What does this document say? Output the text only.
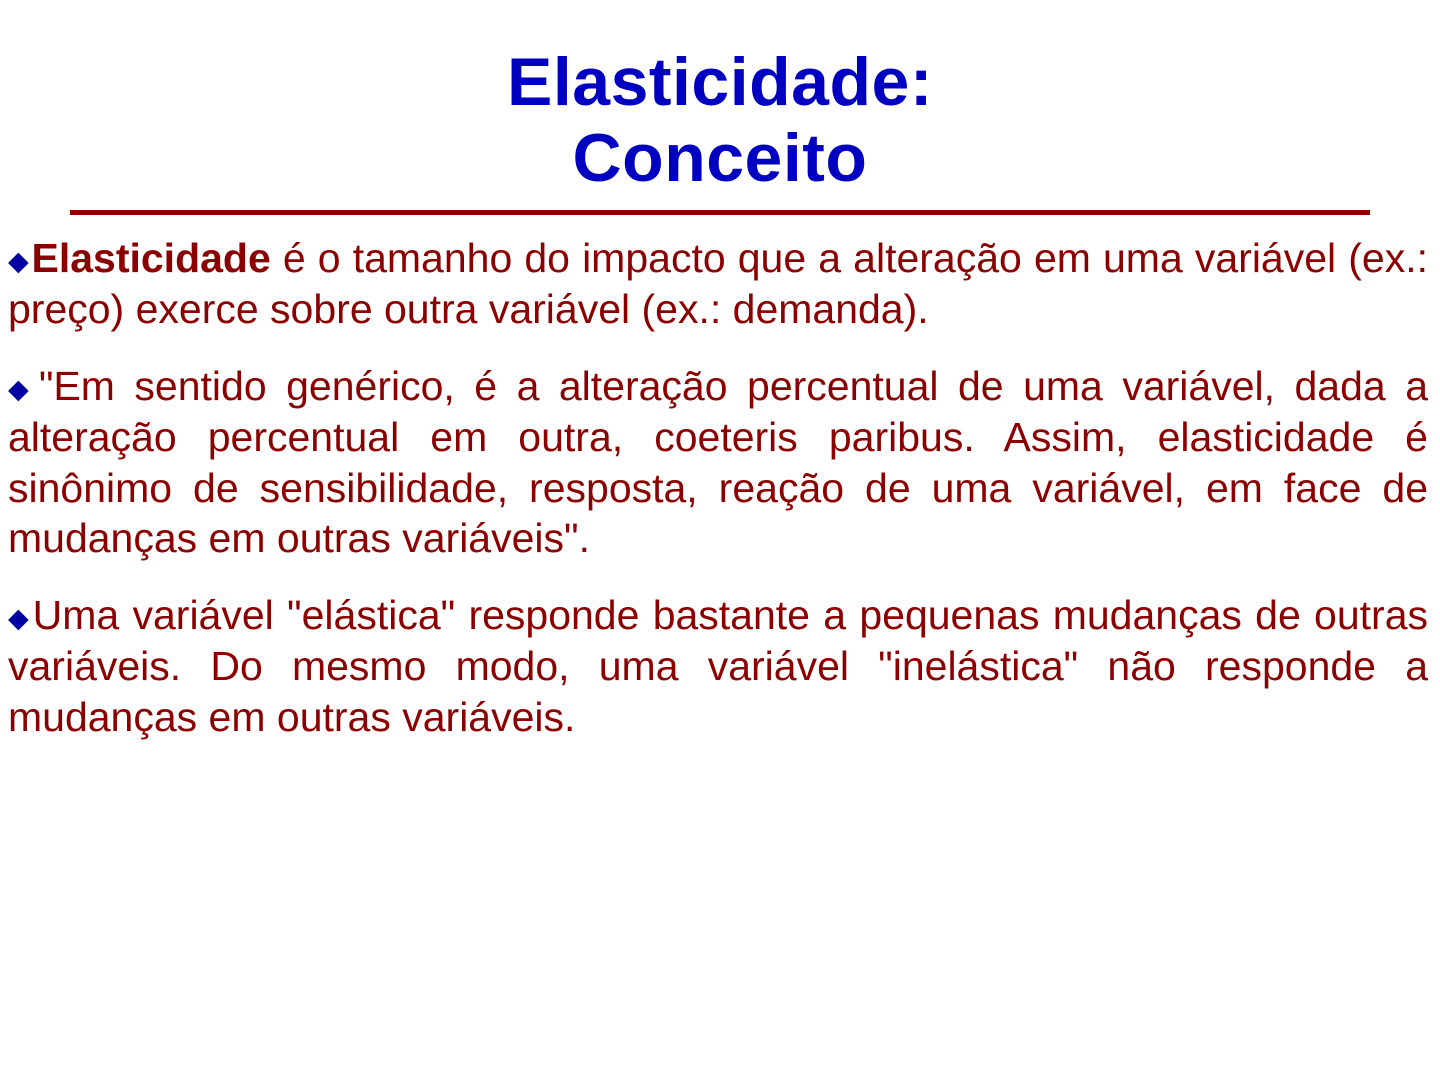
Elasticidade:
Conceito

◆Elasticidade é o tamanho do impacto que a alteração em uma variável (ex.: preço) exerce sobre outra variável (ex.: demanda).

◆"Em sentido genérico, é a alteração percentual de uma variável, dada a alteração percentual em outra, coeteris paribus. Assim, elasticidade é sinônimo de sensibilidade, resposta, reação de uma variável, em face de mudanças em outras variáveis".

◆Uma variável "elástica" responde bastante a pequenas mudanças de outras variáveis. Do mesmo modo, uma variável "inelástica" não responde a mudanças em outras variáveis.
